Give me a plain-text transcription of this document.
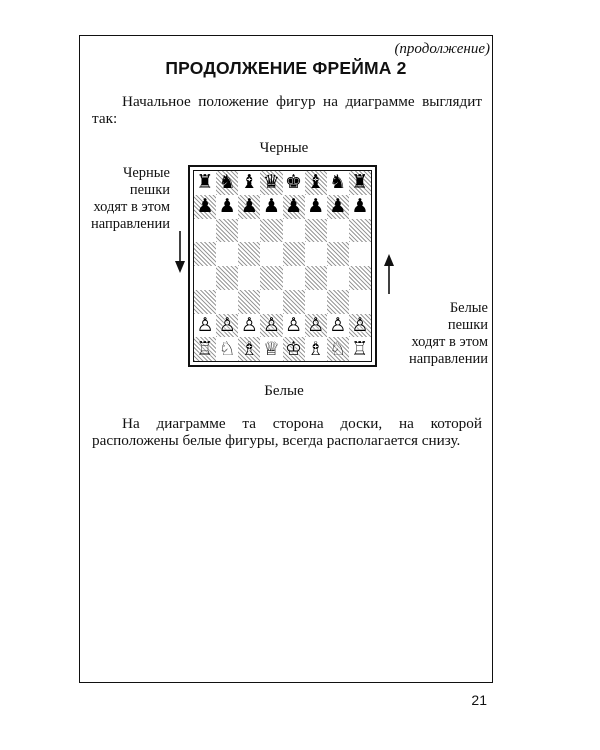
(продолжение)
ПРОДОЛЖЕНИЕ ФРЕЙМА 2

Начальное положение фигур на диаграмме выглядит так:

Черные
Черные
пешки
ходят в этом
направлении
♜ ♞ ♝ ♛ ♚ ♝ ♞ ♜
♟ ♟ ♟ ♟ ♟ ♟ ♟ ♟
♙ ♙ ♙ ♙ ♙ ♙ ♙ ♙
♖ ♘ ♗ ♕ ♔ ♗ ♘ ♖
Белые
пешки
ходят в этом
направлении
Белые

На диаграмме та сторона доски, на которой расположены белые фигуры, всегда располагается снизу.

21
